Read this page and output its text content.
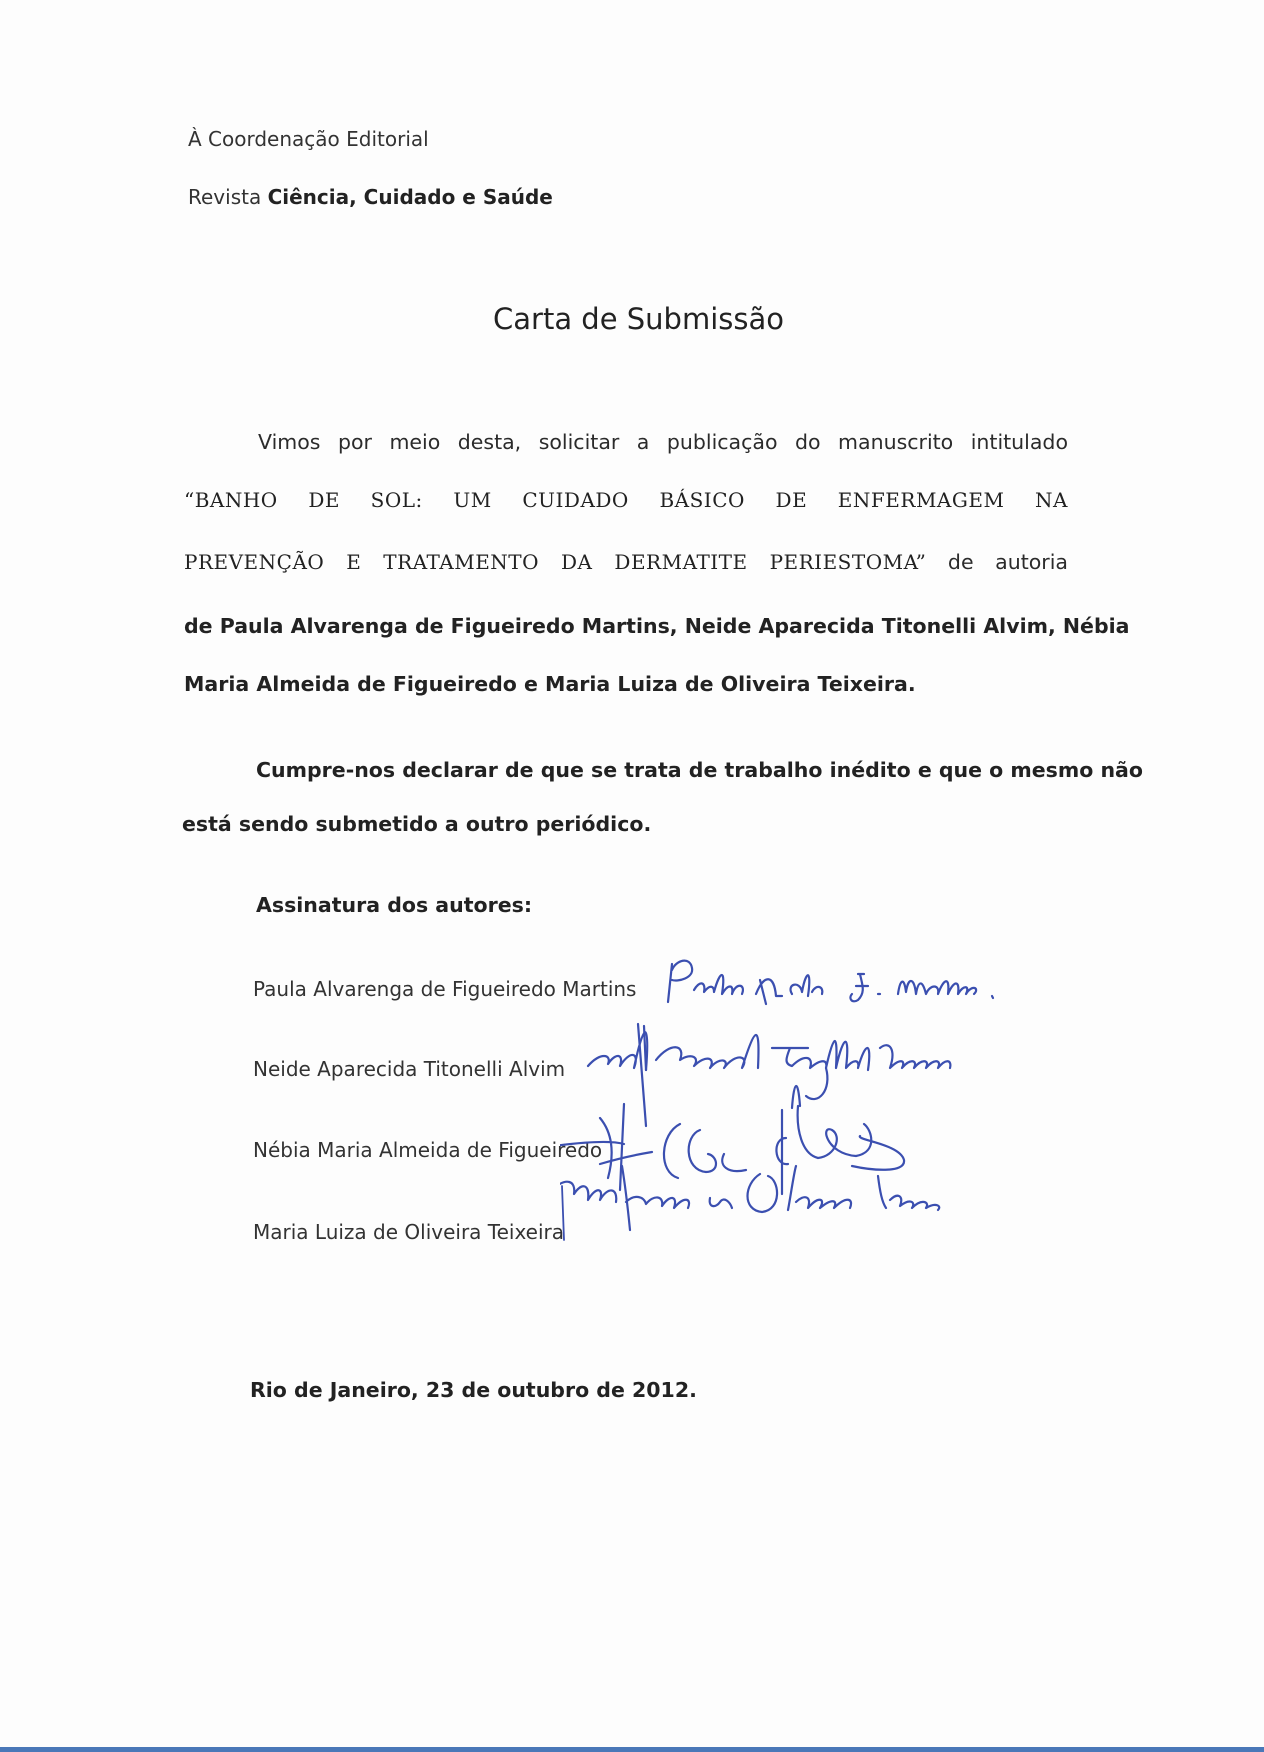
À Coordenação Editorial
Revista Ciência, Cuidado e Saúde
Carta de Submissão
Vimos por meio desta, solicitar a publicação do manuscrito intitulado
“BANHO DE SOL: UM CUIDADO BÁSICO DE ENFERMAGEM NA
PREVENÇÃO E TRATAMENTO DA DERMATITE PERIESTOMA” de autoria
de Paula Alvarenga de Figueiredo Martins, Neide Aparecida Titonelli Alvim, Nébia
Maria Almeida de Figueiredo e Maria Luiza de Oliveira Teixeira.
Cumpre-nos declarar de que se trata de trabalho inédito e que o mesmo não
está sendo submetido a outro periódico.
Assinatura dos autores:
Paula Alvarenga de Figueiredo Martins
Neide Aparecida Titonelli Alvim
Nébia Maria Almeida de Figueiredo
Maria Luiza de Oliveira Teixeira
Rio de Janeiro, 23 de outubro de 2012.
